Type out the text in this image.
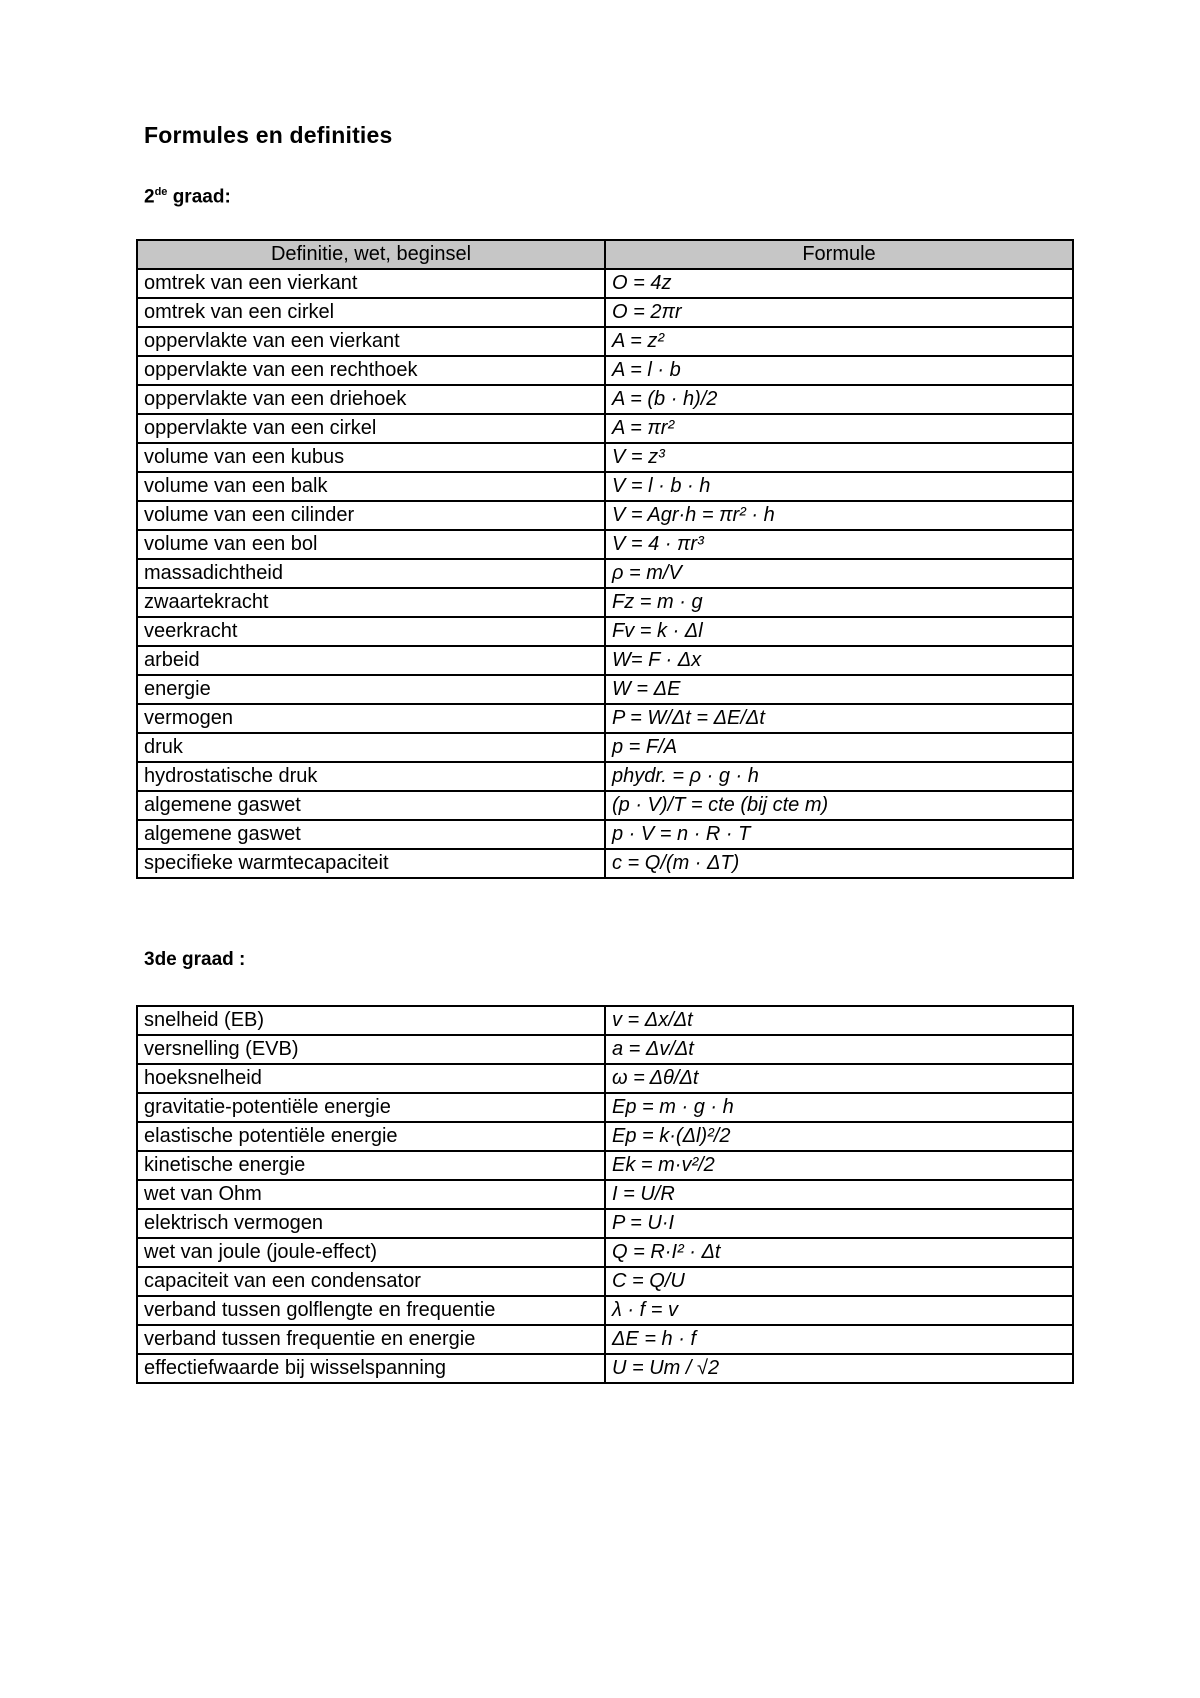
Formules en definities
2de graad:
Definitie, wet, beginsel	Formule
omtrek van een vierkant	O = 4z
omtrek van een cirkel	O = 2πr
oppervlakte van een vierkant	A = z²
oppervlakte van een rechthoek	A = l · b
oppervlakte van een driehoek	A = (b · h)/2
oppervlakte van een cirkel	A = πr²
volume van een kubus	V = z³
volume van een balk	V = l · b · h
volume van een cilinder	V = Agr·h = πr² · h
volume van een bol	V = 4 · πr³
massadichtheid	ρ = m/V
zwaartekracht	Fz = m · g
veerkracht	Fv = k · Δl
arbeid	W= F · Δx
energie	W = ΔE
vermogen	P = W/Δt = ΔE/Δt
druk	p = F/A
hydrostatische druk	phydr. = ρ · g · h
algemene gaswet	(p · V)/T = cte (bij cte m)
algemene gaswet	p · V = n · R · T
specifieke warmtecapaciteit	c = Q/(m · ΔT)
3de graad :
snelheid (EB)	v = Δx/Δt
versnelling (EVB)	a = Δv/Δt
hoeksnelheid	ω = Δθ/Δt
gravitatie-potentiële energie	Ep = m · g · h
elastische potentiële energie	Ep = k·(Δl)²/2
kinetische energie	Ek = m·v²/2
wet van Ohm	I = U/R
elektrisch vermogen	P = U·I
wet van joule (joule-effect)	Q = R·I² · Δt
capaciteit van een condensator	C = Q/U
verband tussen golflengte en frequentie	λ · f = v
verband tussen frequentie en energie	ΔE = h · f
effectiefwaarde bij wisselspanning	U = Um / √2
